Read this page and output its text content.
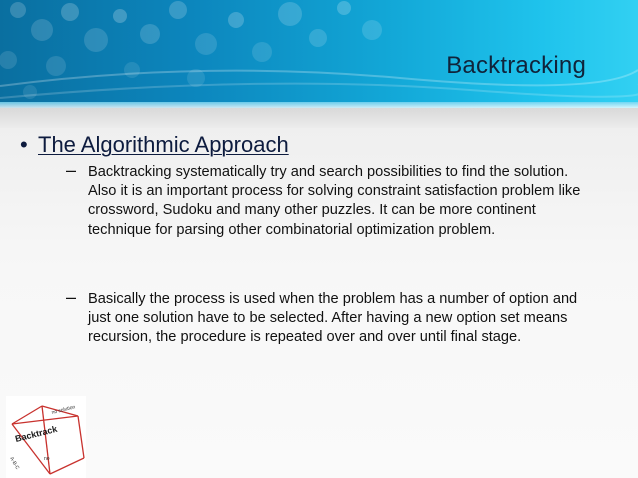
Backtracking
• The Algorithmic Approach
– Backtracking systematically try and search possibilities to find the solution. Also it is an important process for solving constraint satisfaction problem like crossword, Sudoku and many other puzzles. It can be more continent technique for parsing other combinatorial optimization problem.
– Basically the process is used when the problem has a number of option and just one solution have to be selected. After having a new option set means recursion, the procedure is repeated over and over until final stage.
Backtrack
no solution
A-B-C	no
